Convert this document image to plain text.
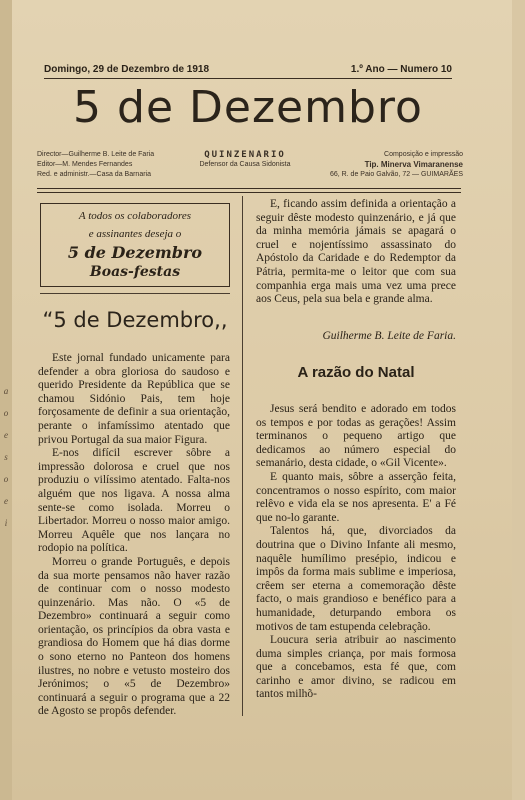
a
o
e
s
o
e
i
Domingo, 29 de Dezembro de 1918	1.º Ano — Numero 10
5 de Dezembro
Director—Guilherme B. Leite de Faria
Editor—M. Mendes Fernandes
Red. e administr.—Casa da Barnaria
QUINZENARIO
Defensor da Causa Sidonista
Composição e impressão
Tip. Minerva Vimaranense
66, R. de Paio Galvão, 72 — GUIMARÃES
A todos os colaboradores
e assinantes deseja o
5 de Dezembro
Boas-festas
“5 de Dezembro,,

Este jornal fundado unicamente para defender a obra gloriosa do saudoso e querido Presidente da República que se chamou Sidónio Pais, tem hoje forçosamente de definir a sua orientação, perante o infamíssimo atentado que privou Portugal da sua maior Figura.

E-nos difícil escrever sôbre a impressão dolorosa e cruel que nos produziu o vilíssimo atentado. Falta-nos alguém que nos ligava. A nossa alma sente-se como isolada. Morreu o Libertador. Morreu o nosso maior amigo. Morreu Aquêle que nos lançara no rodopio na política.

Morreu o grande Português, e depois da sua morte pensamos não haver razão de continuar com o nosso modesto quinzenário. Mas não. O «5 de Dezembro» continuará a seguir como orientação, os princípios da obra vasta e grandiosa do Homem que há dias dorme o sono eterno no Panteon dos homens ilustres, no nobre e vetusto mosteiro dos Jerónimos; o «5 de Dezembro» continuará a seguir o programa que a 22 de Agosto se propôs defender.

E, ficando assim definida a orientação a seguir dêste modesto quinzenário, e já que da minha memória jámais se apagará o cruel e nojentíssimo assassinato do Apóstolo da Caridade e do Redemptor da Pátria, permita-me o leitor que com sua companhia erga mais uma vez uma prece aos Ceus, pela sua bela e grande alma.

Guilherme B. Leite de Faria.
A razão do Natal

Jesus será bendito e adorado em todos os tempos e por todas as gerações! Assim terminanos o pequeno artigo que dedicamos ao número especial do semanário, desta cidade, o «Gil Vicente».

E quanto mais, sôbre a asserção feita, concentramos o nosso espírito, com maior relêvo e vida ela se nos apresenta. E' a Fé que no-lo garante.

Talentos há, que, divorciados da doutrina que o Divino Infante ali mesmo, naquêle humílimo presépio, indicou e impôs da forma mais sublime e imperiosa, crêem ser eterna a comemoração dêste facto, o mais grandioso e benéfico para a humanidade, deturpando embora os motivos de tam estupenda celebração.

Loucura seria atribuir ao nascimento duma simples criança, por mais formosa que a concebamos, esta fé que, com carinho e amor divino, se radicou em tantos milhõ-
